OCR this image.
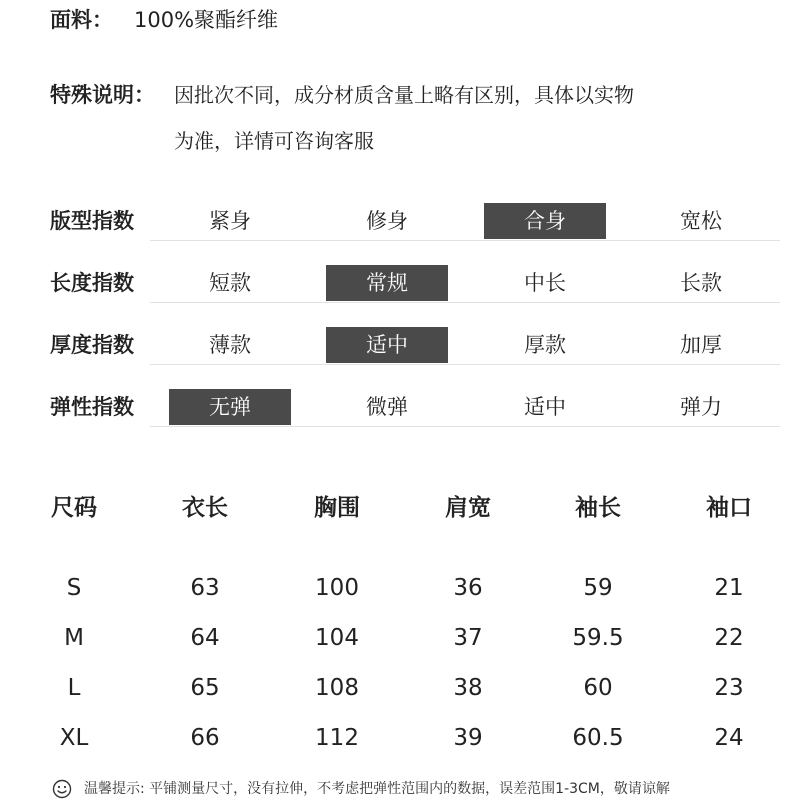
面料： 100%聚酯纤维
特殊说明： 因批次不同，成分材质含量上略有区别，具体以实物
为准，详情可咨询客服
版型指数	紧身	修身	合身	宽松
长度指数	短款	常规	中长	长款
厚度指数	薄款	适中	厚款	加厚
弹性指数	无弹	微弹	适中	弹力
尺码	衣长	胸围	肩宽	袖长	袖口
S	63	100	36	59	21
M	64	104	37	59.5	22
L	65	108	38	60	23
XL	66	112	39	60.5	24
温馨提示: 平铺测量尺寸，没有拉伸，不考虑把弹性范围内的数据，误差范围1-3CM，敬请谅解
